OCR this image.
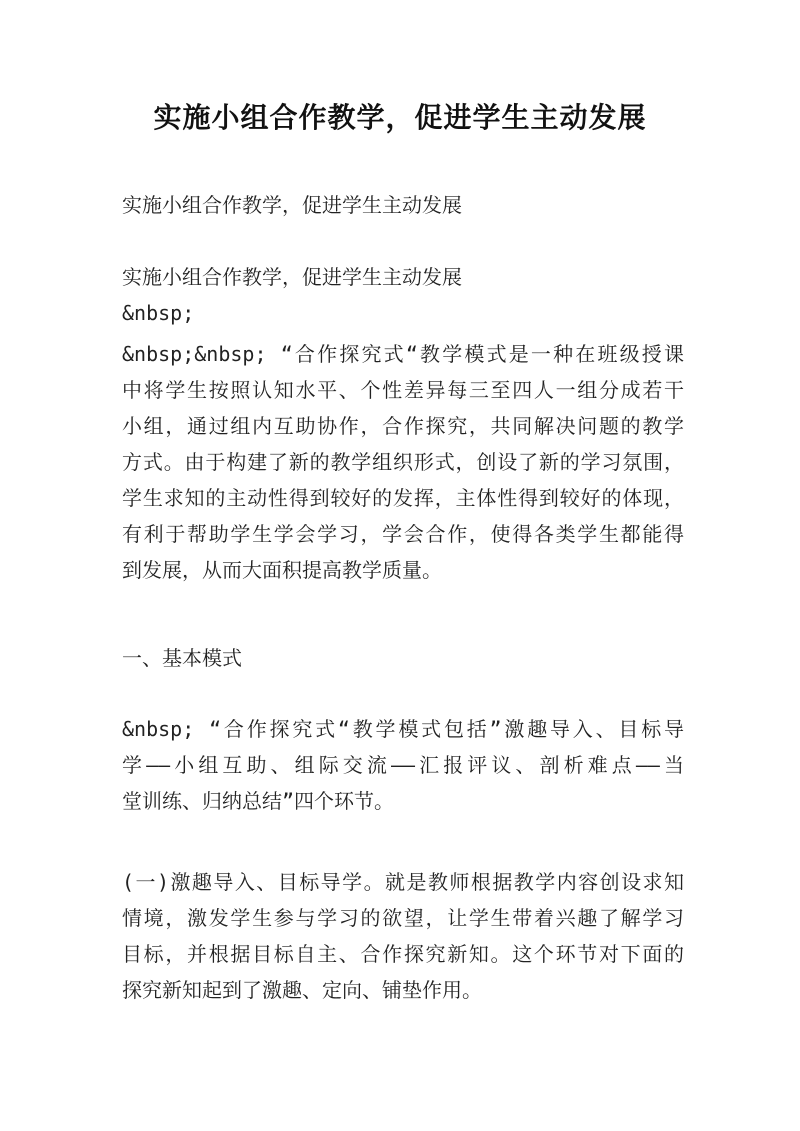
实施小组合作教学，促进学生主动发展
实施小组合作教学，促进学生主动发展
实施小组合作教学，促进学生主动发展
&nbsp;
&nbsp;&nbsp; “合作探究式“教学模式是一种在班级授课
中将学生按照认知水平、个性差异每三至四人一组分成若干
小组，通过组内互助协作，合作探究，共同解决问题的教学
方式。由于构建了新的教学组织形式，创设了新的学习氛围，
学生求知的主动性得到较好的发挥，主体性得到较好的体现，
有利于帮助学生学会学习，学会合作，使得各类学生都能得
到发展，从而大面积提高教学质量。
一、基本模式
&nbsp; “合作探究式“教学模式包括”激趣导入、目标导
学——小组互助、组际交流——汇报评议、剖析难点——当
堂训练、归纳总结”四个环节。
(一)激趣导入、目标导学。就是教师根据教学内容创设求知
情境，激发学生参与学习的欲望，让学生带着兴趣了解学习
目标，并根据目标自主、合作探究新知。这个环节对下面的
探究新知起到了激趣、定向、铺垫作用。
